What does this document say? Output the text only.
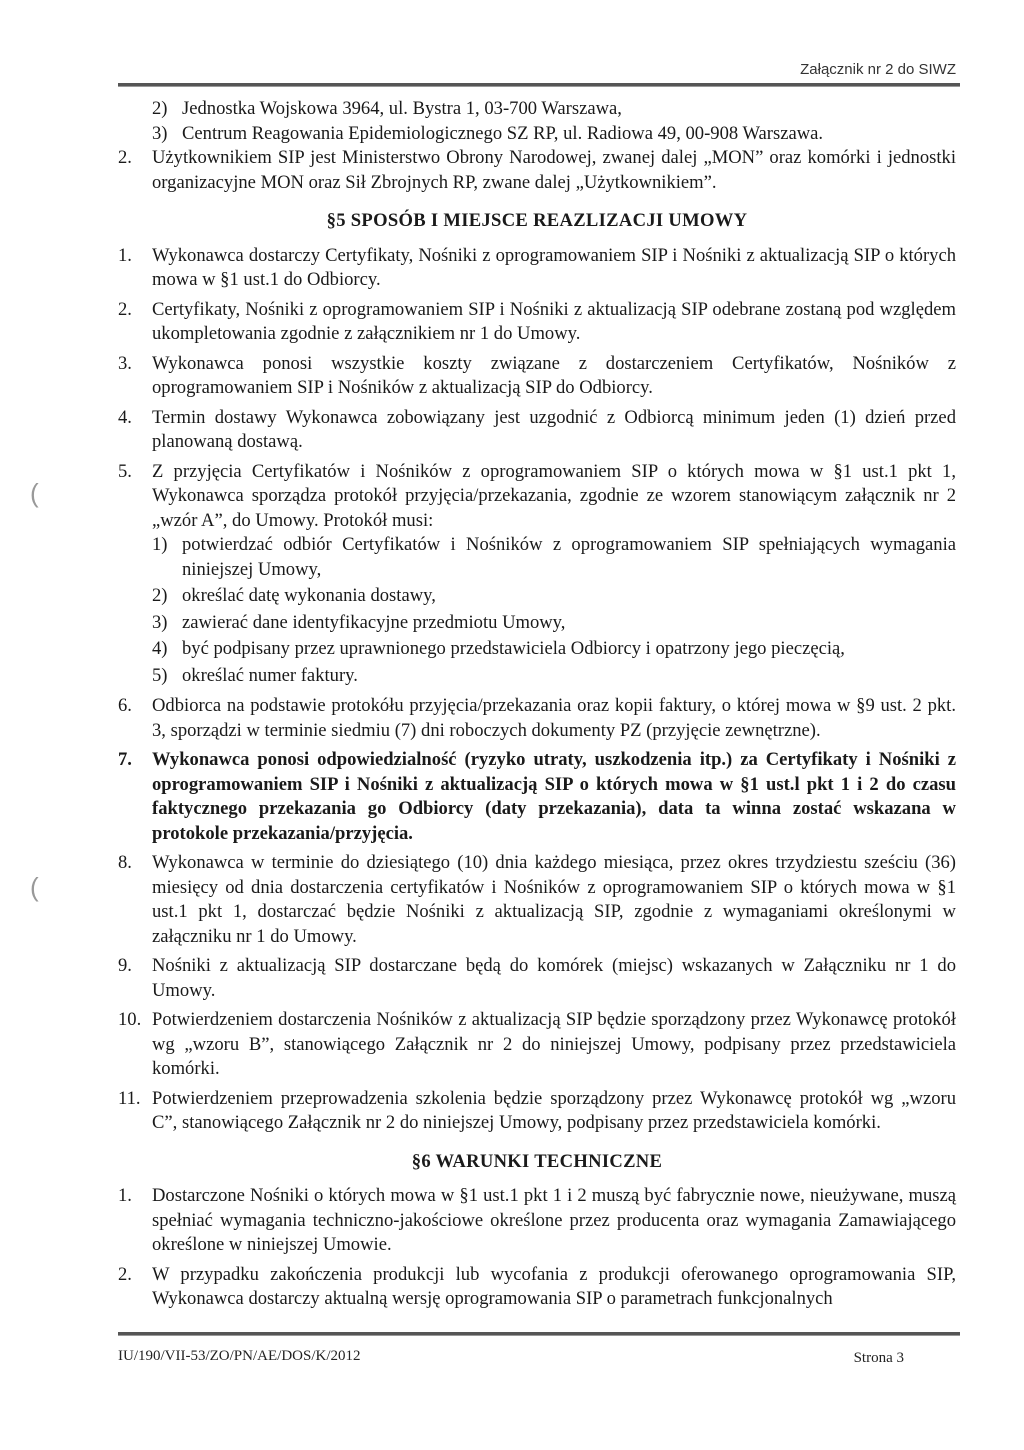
Załącznik nr 2 do SIWZ
(
(
2) Jednostka Wojskowa 3964, ul. Bystra 1, 03-700 Warszawa,
3) Centrum Reagowania Epidemiologicznego SZ RP, ul. Radiowa 49, 00-908 Warszawa.
2.	Użytkownikiem SIP jest Ministerstwo Obrony Narodowej, zwanej dalej „MON” oraz komórki i jednostki organizacyjne MON oraz Sił Zbrojnych RP, zwane dalej „Użytkownikiem”.
§5 SPOSÓB I MIEJSCE REAZLIZACJI UMOWY
1.	Wykonawca dostarczy Certyfikaty, Nośniki z oprogramowaniem SIP i Nośniki z aktualizacją SIP o których mowa w §1 ust.1 do Odbiorcy.
2.	Certyfikaty, Nośniki z oprogramowaniem SIP i Nośniki z aktualizacją SIP odebrane zostaną pod względem ukompletowania zgodnie z załącznikiem nr 1 do Umowy.
3.	Wykonawca ponosi wszystkie koszty związane z dostarczeniem Certyfikatów, Nośników z oprogramowaniem SIP i Nośników z aktualizacją SIP do Odbiorcy.
4.	Termin dostawy Wykonawca zobowiązany jest uzgodnić z Odbiorcą minimum jeden (1) dzień przed planowaną dostawą.
5.	Z przyjęcia Certyfikatów i Nośników z oprogramowaniem SIP o których mowa w §1 ust.1 pkt 1, Wykonawca sporządza protokół przyjęcia/przekazania, zgodnie ze wzorem stanowiącym załącznik nr 2 „wzór A”, do Umowy. Protokół musi:
1) potwierdzać odbiór Certyfikatów i Nośników z oprogramowaniem SIP spełniających wymagania niniejszej Umowy,
2) określać datę wykonania dostawy,
3) zawierać dane identyfikacyjne przedmiotu Umowy,
4) być podpisany przez uprawnionego przedstawiciela Odbiorcy i opatrzony jego pieczęcią,
5) określać numer faktury.
6.	Odbiorca na podstawie protokółu przyjęcia/przekazania oraz kopii faktury, o której mowa w §9 ust. 2 pkt. 3, sporządzi w terminie siedmiu (7) dni roboczych dokumenty PZ (przyjęcie zewnętrzne).
7.	Wykonawca ponosi odpowiedzialność (ryzyko utraty, uszkodzenia itp.) za Certyfikaty i Nośniki z oprogramowaniem SIP i Nośniki z aktualizacją SIP o których mowa w §1 ust.l pkt 1 i 2 do czasu faktycznego przekazania go Odbiorcy (daty przekazania), data ta winna zostać wskazana w protokole przekazania/przyjęcia.
8.	Wykonawca w terminie do dziesiątego (10) dnia każdego miesiąca, przez okres trzydziestu sześciu (36) miesięcy od dnia dostarczenia certyfikatów i Nośników z oprogramowaniem SIP o których mowa w §1 ust.1 pkt 1, dostarczać będzie Nośniki z aktualizacją SIP, zgodnie z wymaganiami określonymi w załączniku nr 1 do Umowy.
9.	Nośniki z aktualizacją SIP dostarczane będą do komórek (miejsc) wskazanych w Załączniku nr 1 do Umowy.
10. Potwierdzeniem dostarczenia Nośników z aktualizacją SIP będzie sporządzony przez Wykonawcę protokół wg „wzoru B”, stanowiącego Załącznik nr 2 do niniejszej Umowy, podpisany przez przedstawiciela komórki.
11. Potwierdzeniem przeprowadzenia szkolenia będzie sporządzony przez Wykonawcę protokół wg „wzoru C”, stanowiącego Załącznik nr 2 do niniejszej Umowy, podpisany przez przedstawiciela komórki.
§6 WARUNKI TECHNICZNE
1.	Dostarczone Nośniki o których mowa w §1 ust.1 pkt 1 i 2 muszą być fabrycznie nowe, nieużywane, muszą spełniać wymagania techniczno-jakościowe określone przez producenta oraz wymagania Zamawiającego określone w niniejszej Umowie.
2.	W przypadku zakończenia produkcji lub wycofania z produkcji oferowanego oprogramowania SIP, Wykonawca dostarczy aktualną wersję oprogramowania SIP o parametrach funkcjonalnych
IU/190/VII-53/ZO/PN/AE/DOS/K/2012	Strona 3
